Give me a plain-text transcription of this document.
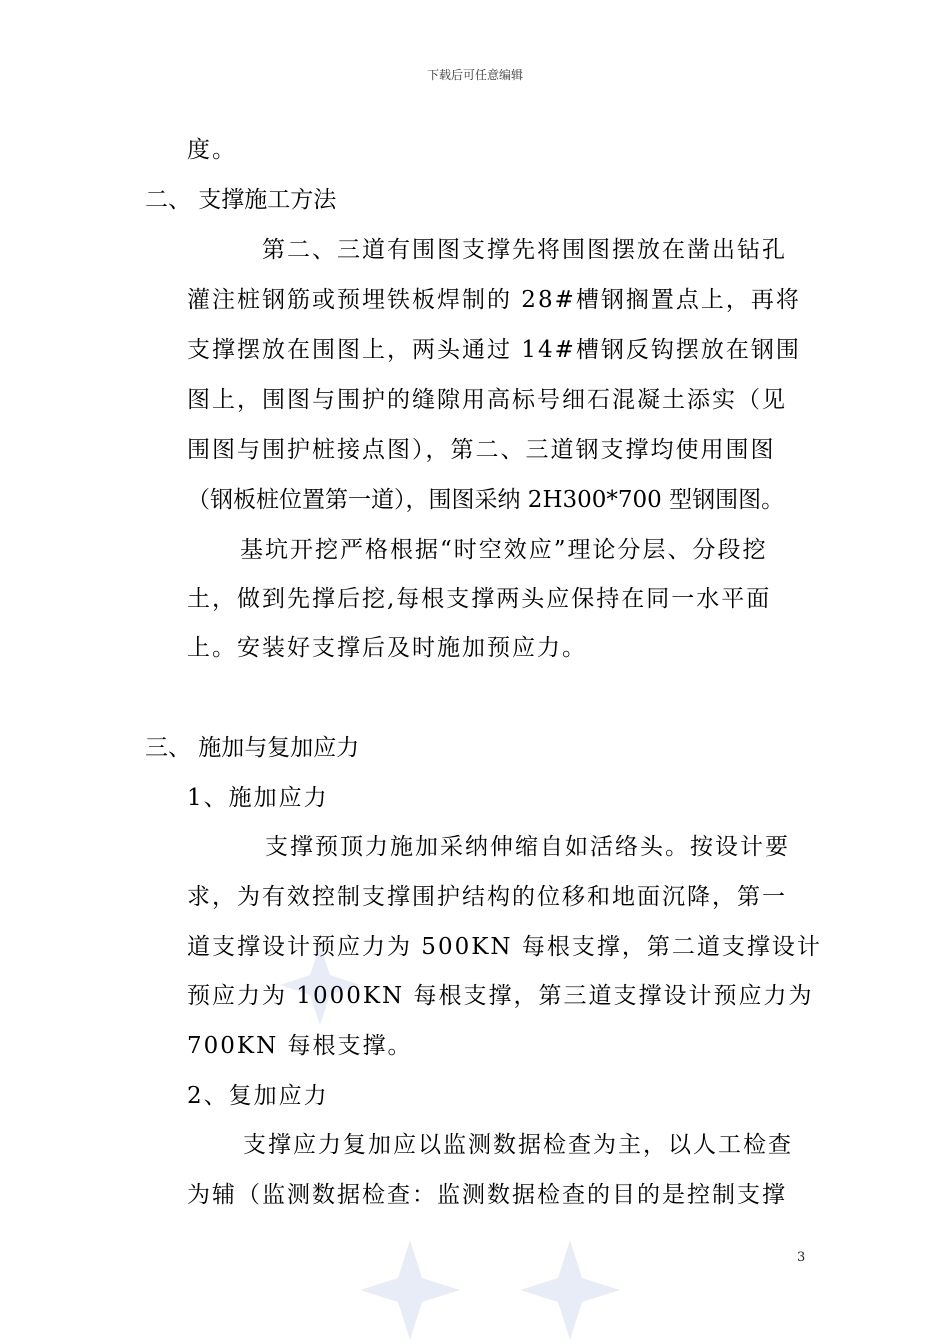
下载后可任意编辑
度。
二、 支撑施工方法
第二、三道有围图支撑先将围图摆放在凿出钻孔
灌注桩钢筋或预埋铁板焊制的 28#槽钢搁置点上，再将
支撑摆放在围图上，两头通过 14#槽钢反钩摆放在钢围
图上，围图与围护的缝隙用高标号细石混凝土添实（见
围图与围护桩接点图），第二、三道钢支撑均使用围图
（钢板桩位置第一道），围图采纳 2H300*700 型钢围图。
基坑开挖严格根据“时空效应”理论分层、分段挖
土，做到先撑后挖,每根支撑两头应保持在同一水平面
上。安装好支撑后及时施加预应力。
三、 施加与复加应力
1、施加应力
支撑预顶力施加采纳伸缩自如活络头。按设计要
求，为有效控制支撑围护结构的位移和地面沉降，第一
道支撑设计预应力为 500KN 每根支撑，第二道支撑设计
预应力为 1000KN 每根支撑，第三道支撑设计预应力为
700KN 每根支撑。
2、复加应力
支撑应力复加应以监测数据检查为主，以人工检查
为辅（监测数据检查：监测数据检查的目的是控制支撑
3
